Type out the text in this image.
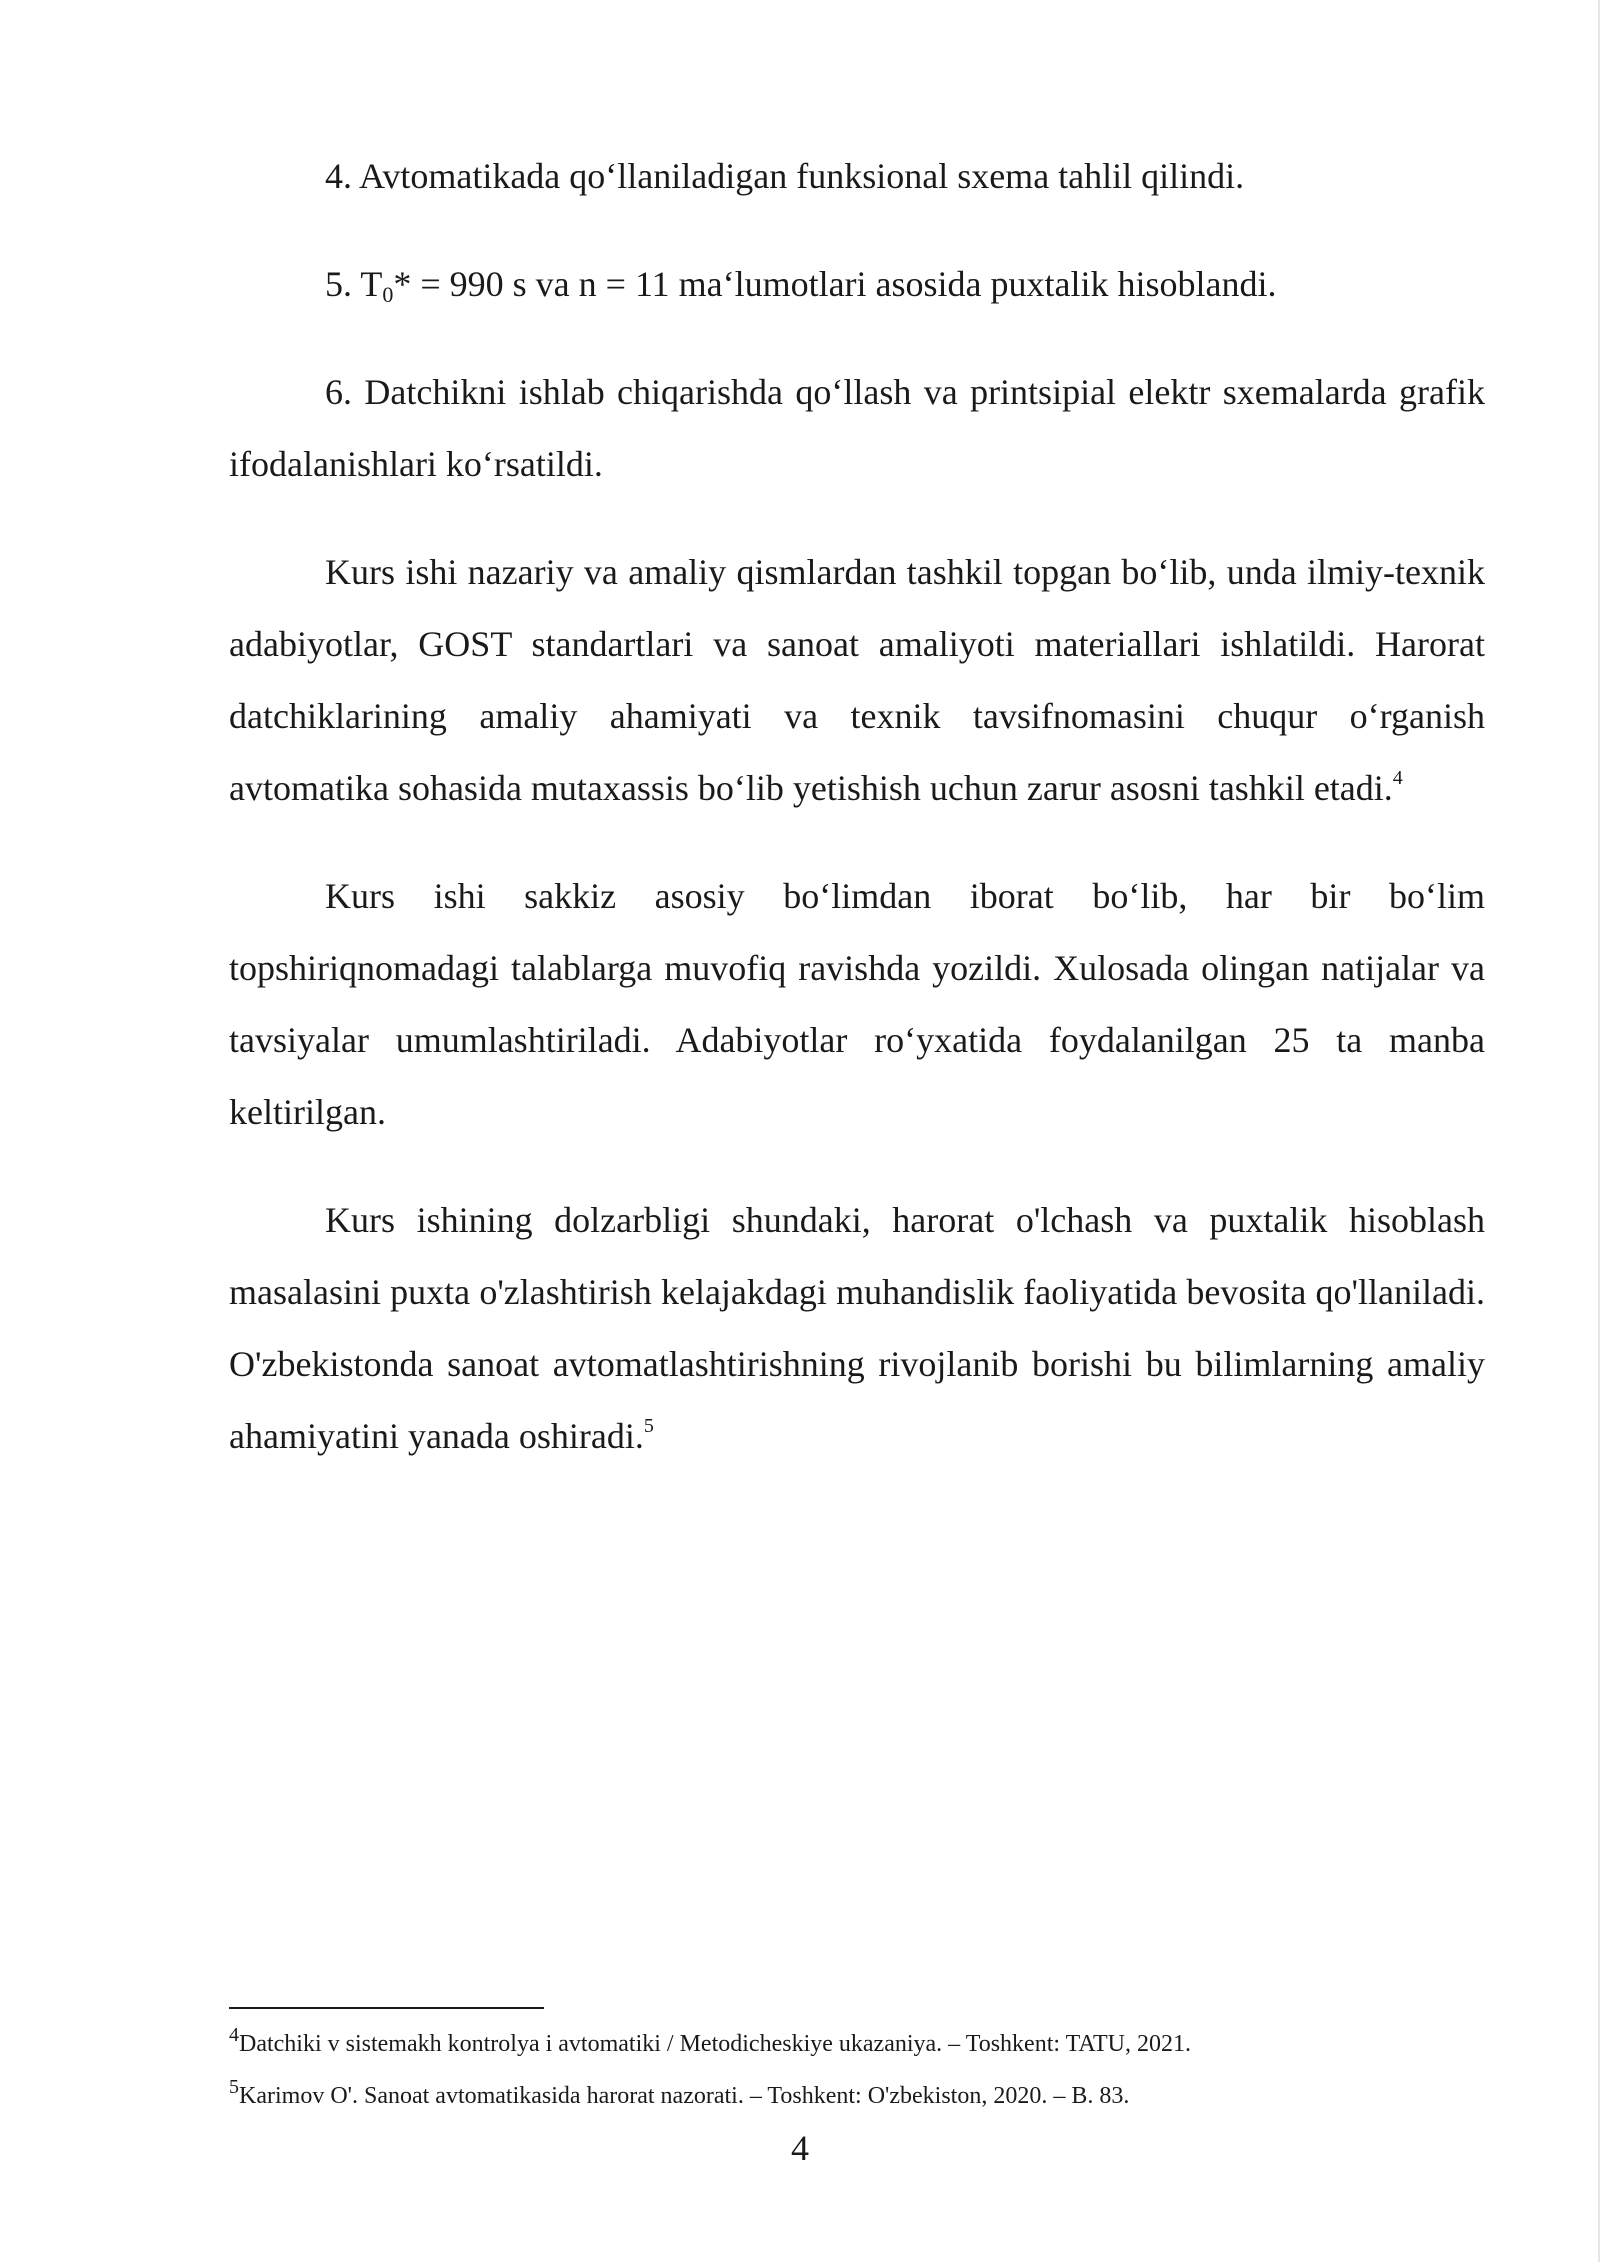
4. Avtomatikada qo‘llaniladigan funksional sxema tahlil qilindi.

5. $T_0* = 990$ s va n = 11 ma‘lumotlari asosida puxtalik hisoblandi.

6. Datchikni ishlab chiqarishda qo‘llash va printsipial elektr sxemalarda grafik ifodalanishlari ko‘rsatildi.

Kurs ishi nazariy va amaliy qismlardan tashkil topgan bo‘lib, unda ilmiy-texnik adabiyotlar, GOST standartlari va sanoat amaliyoti materiallari ishlatildi. Harorat datchiklarining amaliy ahamiyati va texnik tavsifnomasini chuqur o‘rganish avtomatika sohasida mutaxassis bo‘lib yetishish uchun zarur asosni tashkil etadi.$^4$

Kurs ishi sakkiz asosiy bo‘limdan iborat bo‘lib, har bir bo‘lim topshiriqnomadagi talablarga muvofiq ravishda yozildi. Xulosada olingan natijalar va tavsiyalar umumlashtiriladi. Adabiyotlar ro‘yxatida foydalanilgan 25 ta manba keltirilgan.

Kurs ishining dolzarbligi shundaki, harorat o'lchash va puxtalik hisoblash masalasini puxta o'zlashtirish kelajakdagi muhandislik faoliyatida bevosita qo'llaniladi. O'zbekistonda sanoat avtomatlashtirishning rivojlanib borishi bu bilimlarning amaliy ahamiyatini yanada oshiradi.$^5$

$^4$Datchiki v sistemakh kontrolya i avtomatiki / Metodicheskiye ukazaniya. – Toshkent: TATU, 2021.

$^5$Karimov O'. Sanoat avtomatikasida harorat nazorati. – Toshkent: O'zbekiston, 2020. – B. 83.

4
